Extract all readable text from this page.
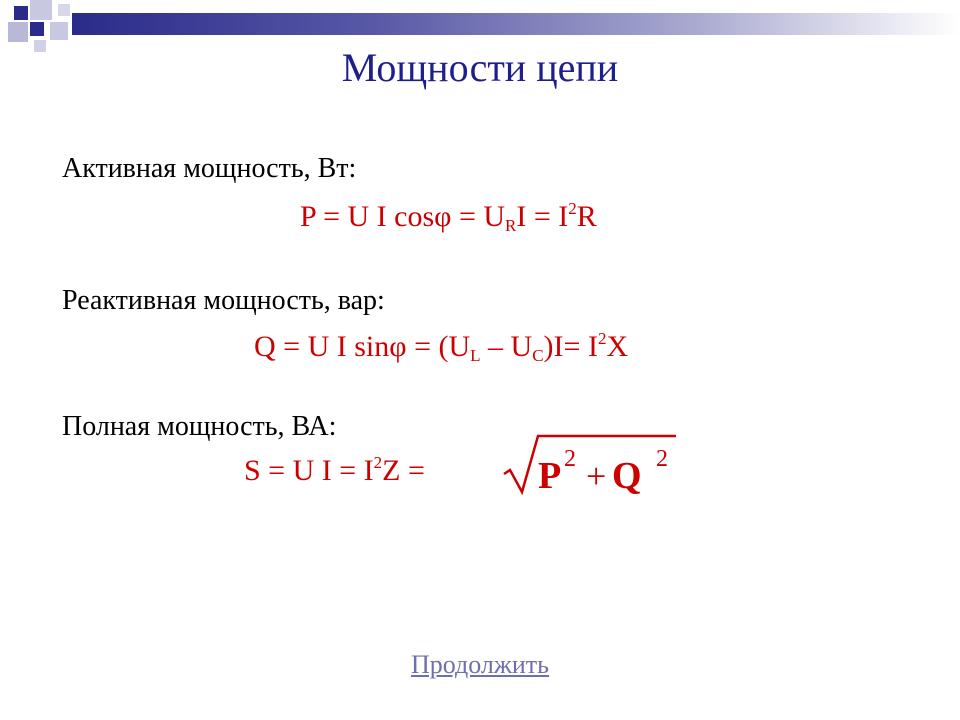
Мощности цепи
Активная мощность, Вт:
P = U I $\cos\varphi = U_RI = I^2R$
Реактивная мощность, вар:
Q = U I $\sin\varphi = (U_L - U_C)I= I^2X$
Полная мощность, ВА:
S = U $I = I^2Z$ =	P 2 + Q 2
Продолжить
